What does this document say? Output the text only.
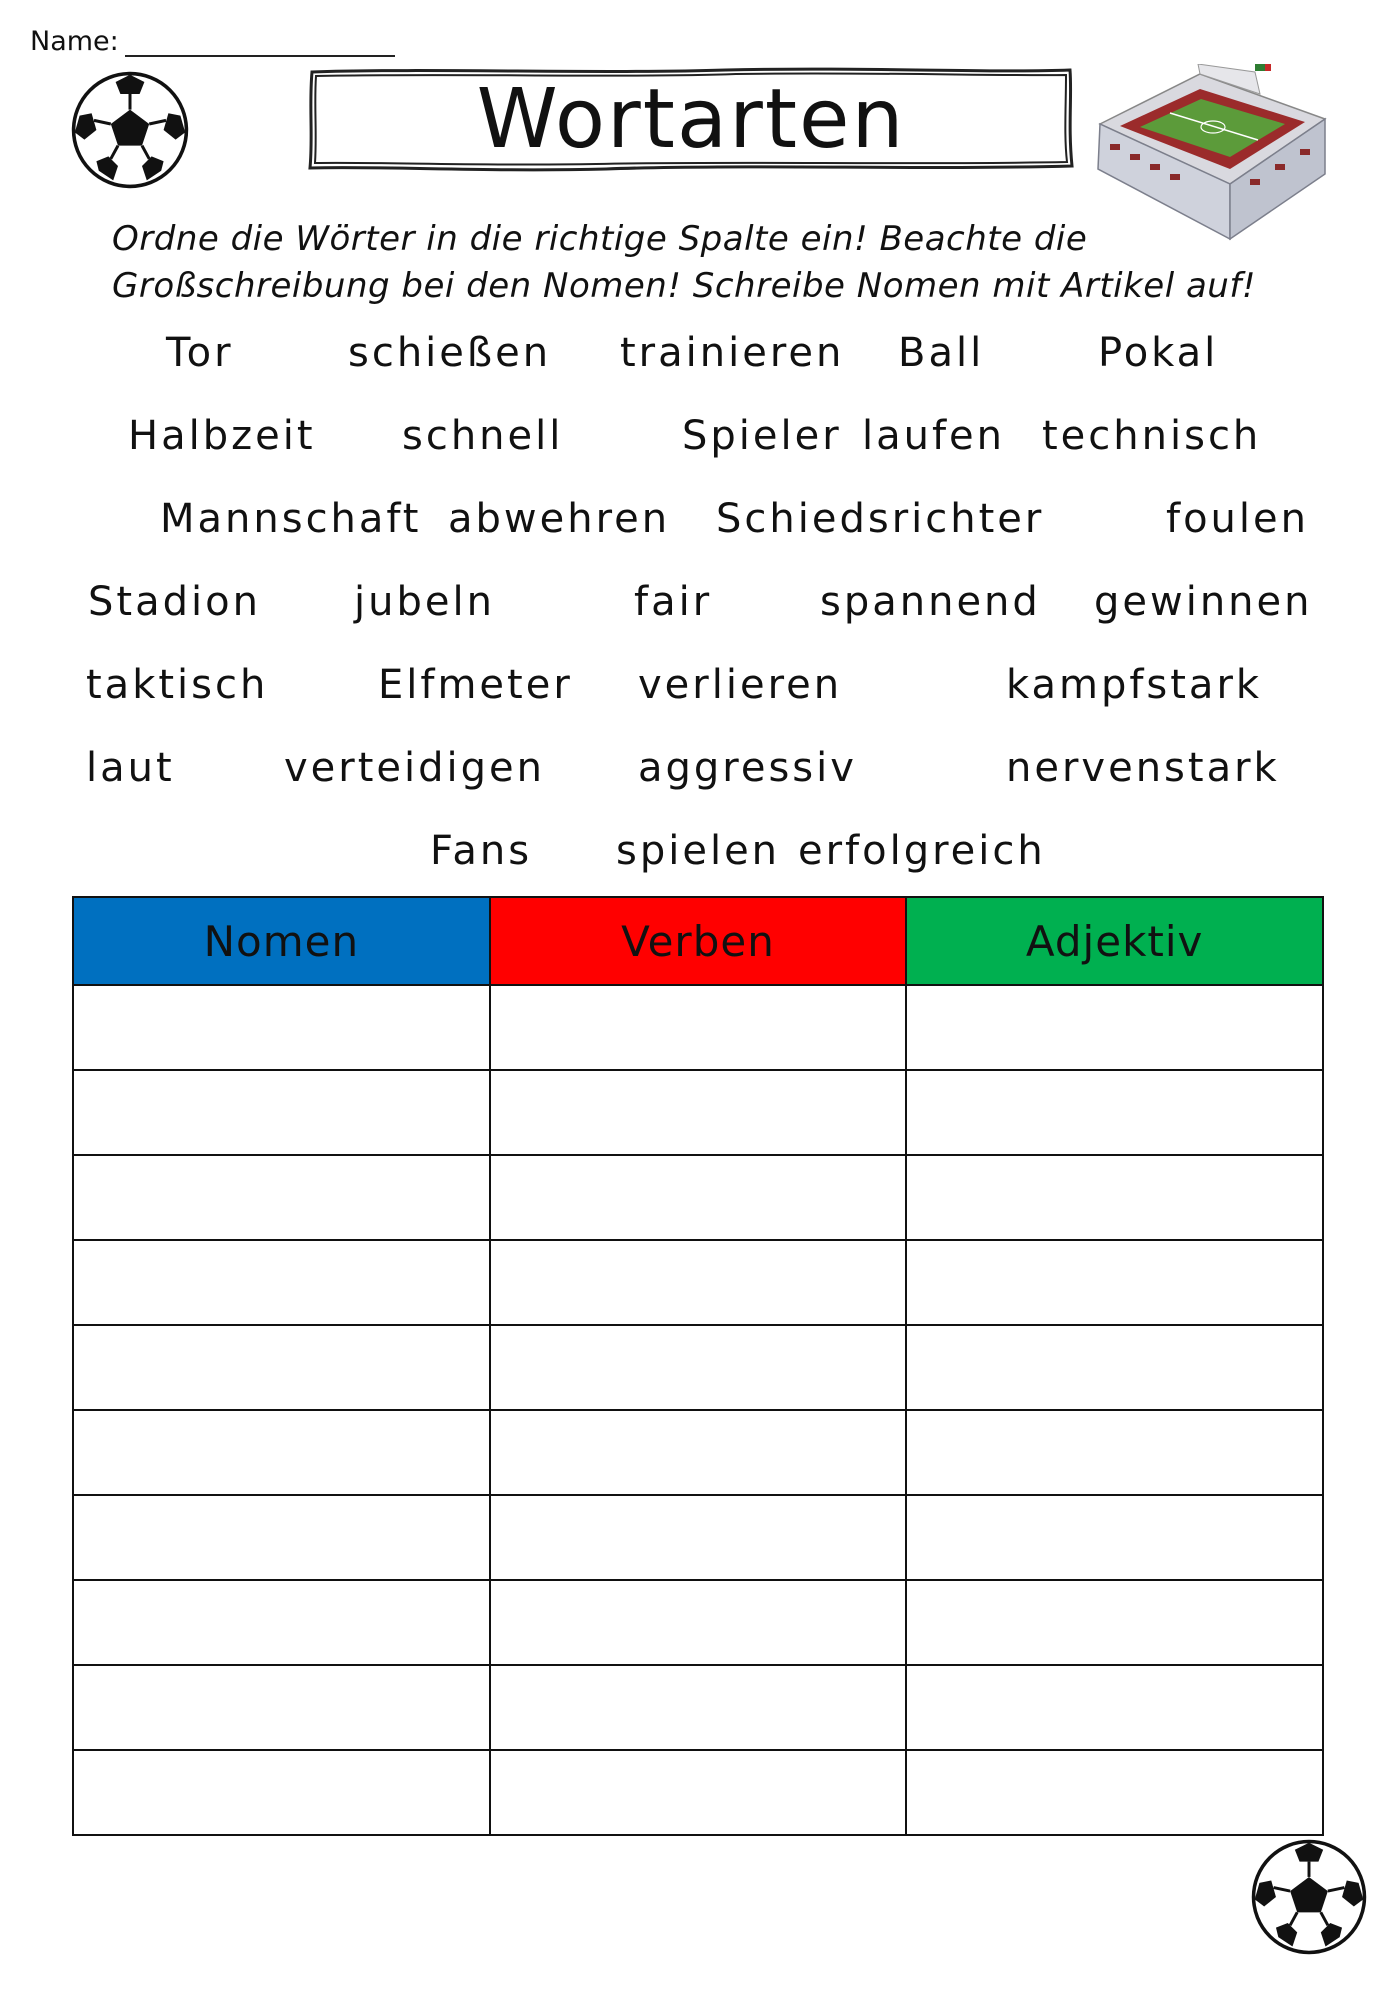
Name:
Wortarten
Ordne die Wörter in die richtige Spalte ein! Beachte die
Großschreibung bei den Nomen! Schreibe Nomen mit Artikel auf!
Tor	schießen trainieren Ball	Pokal
Halbzeit schnell	Spieler laufen technisch
Mannschaft abwehren Schiedsrichter	foulen
Stadion jubeln	fair	spannend gewinnen
taktisch	Elfmeter verlieren	kampfstark
laut	verteidigen aggressiv	nervenstark
Fans spielen erfolgreich
Nomen	Verben	Adjektiv
